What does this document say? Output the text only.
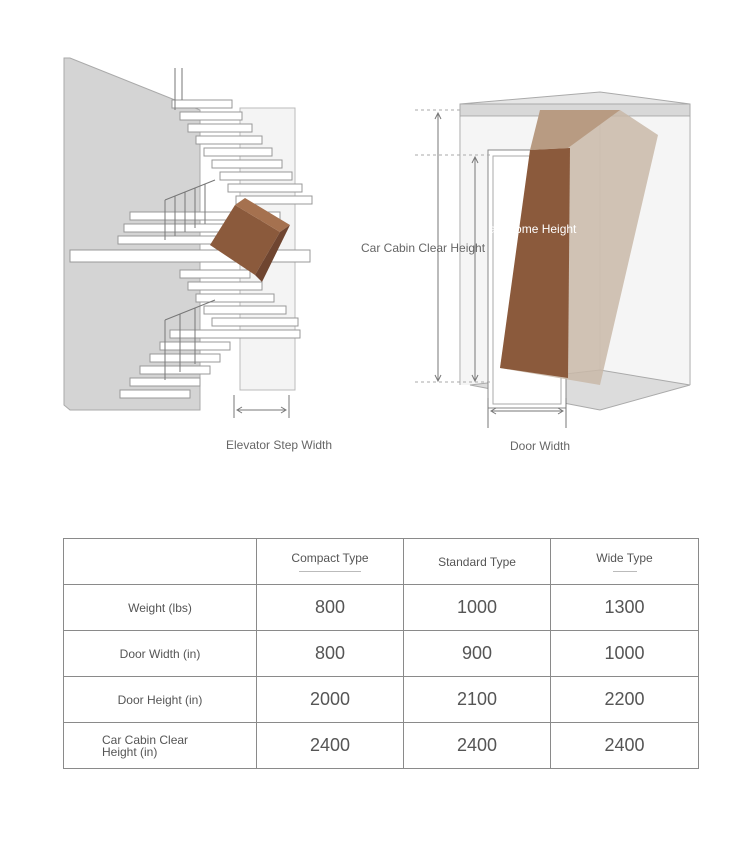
Elevator Step Width
Car Cabin Clear Height
andsome Height
Door Width
	Compact Type	Standard Type	Wide Type

Weight (lbs)	800	1000	1300
Door Width (in)	800	900	1000
Door Height (in)	2000	2100	2200
Car Cabin Clear Height (in)	2400	2400	2400
